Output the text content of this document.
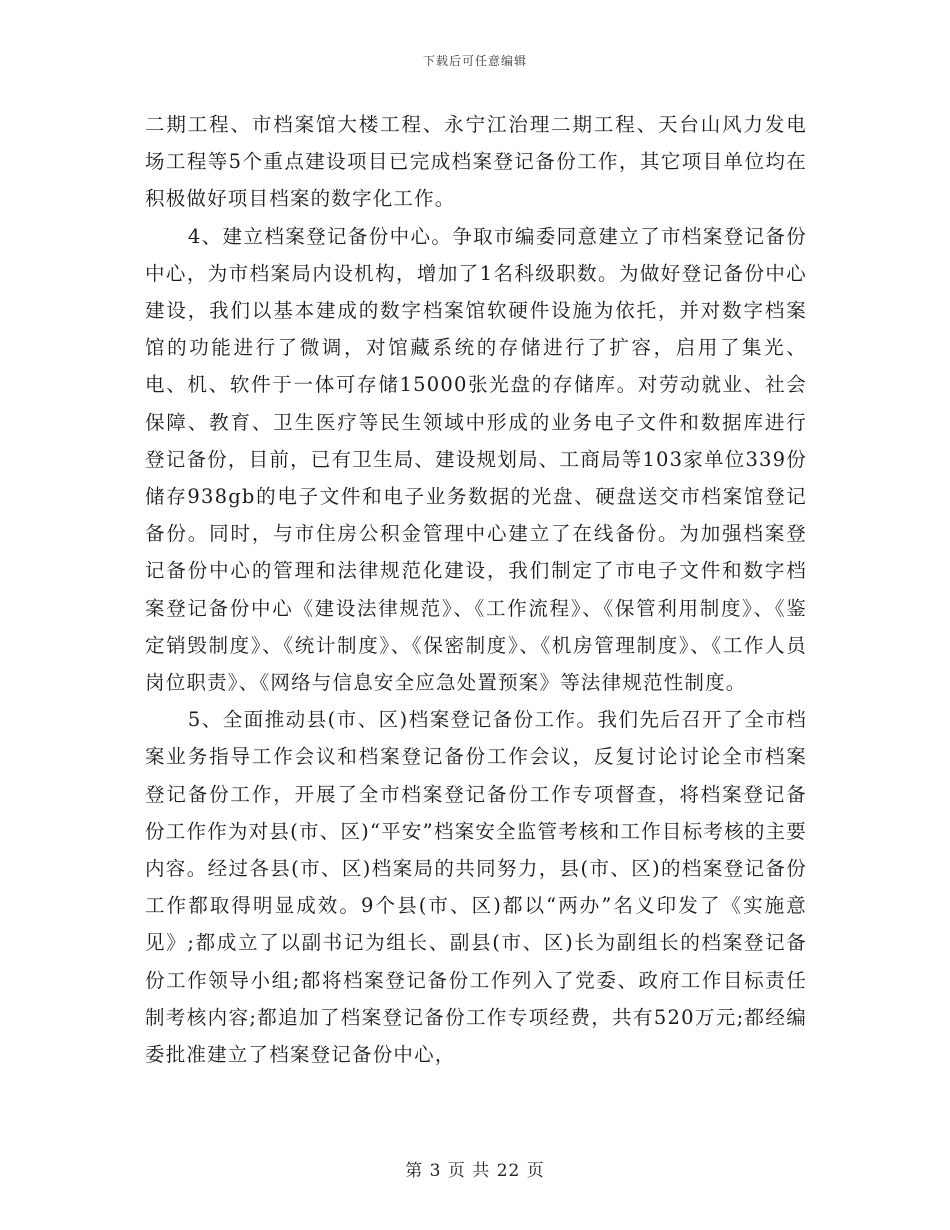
下载后可任意编辑

二期工程、市档案馆大楼工程、永宁江治理二期工程、天台山风力发电场工程等5个重点建设项目已完成档案登记备份工作，其它项目单位均在积极做好项目档案的数字化工作。

4、建立档案登记备份中心。争取市编委同意建立了市档案登记备份中心，为市档案局内设机构，增加了1名科级职数。为做好登记备份中心建设，我们以基本建成的数字档案馆软硬件设施为依托，并对数字档案馆的功能进行了微调，对馆藏系统的存储进行了扩容，启用了集光、电、机、软件于一体可存储15000张光盘的存储库。对劳动就业、社会保障、教育、卫生医疗等民生领域中形成的业务电子文件和数据库进行登记备份，目前，已有卫生局、建设规划局、工商局等103家单位339份储存938gb的电子文件和电子业务数据的光盘、硬盘送交市档案馆登记备份。同时，与市住房公积金管理中心建立了在线备份。为加强档案登记备份中心的管理和法律规范化建设，我们制定了市电子文件和数字档案登记备份中心《建设法律规范》、《工作流程》、《保管利用制度》、《鉴定销毁制度》、《统计制度》、《保密制度》、《机房管理制度》、《工作人员岗位职责》、《网络与信息安全应急处置预案》等法律规范性制度。

5、全面推动县(市、区)档案登记备份工作。我们先后召开了全市档案业务指导工作会议和档案登记备份工作会议，反复讨论讨论全市档案登记备份工作，开展了全市档案登记备份工作专项督查，将档案登记备份工作作为对县(市、区)“平安”档案安全监管考核和工作目标考核的主要内容。经过各县(市、区)档案局的共同努力，县(市、区)的档案登记备份工作都取得明显成效。9个县(市、区)都以“两办”名义印发了《实施意见》;都成立了以副书记为组长、副县(市、区)长为副组长的档案登记备份工作领导小组;都将档案登记备份工作列入了党委、政府工作目标责任制考核内容;都追加了档案登记备份工作专项经费，共有520万元;都经编委批准建立了档案登记备份中心，

第 3 页 共 22 页
